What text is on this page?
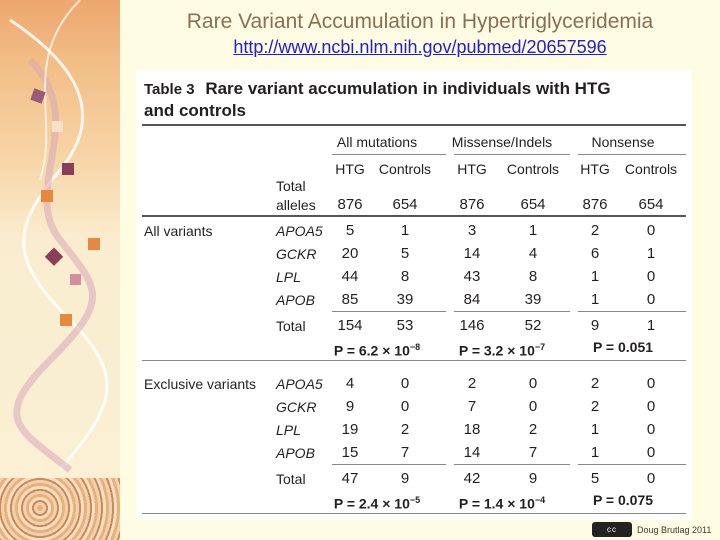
Rare Variant Accumulation in Hypertriglyceridemia
http://www.ncbi.nlm.nih.gov/pubmed/20657596
Table 3 Rare variant accumulation in individuals with HTG
and controls
All mutations	Missense/Indels	Nonsense
HTG	Controls	HTG	Controls	HTG	Controls
Total
alleles	876	654	876	654	876	654
All variants	APOA5	5	1	3	1	2	0
GCKR	20	5	14	4	6	1
LPL	44	8	43	8	1	0
APOB	85	39	84	39	1	0
Total	154	53	146	52	9	1
$P = 6.2 \times 10^{-8}$	$P = 3.2 \times 10^{-7}$	P = 0.051
Exclusive variants APOA5	4	0	2	0	2	0
GCKR	9	0	7	0	2	0
LPL	19	2	18	2	1	0
APOB	15	7	14	7	1	0
Total	47	9	42	9	5	0
$P = 2.4 \times 10^{-5}$	$P = 1.4 \times 10^{-4}$	P = 0.075
cc	Doug Brutlag 2011
